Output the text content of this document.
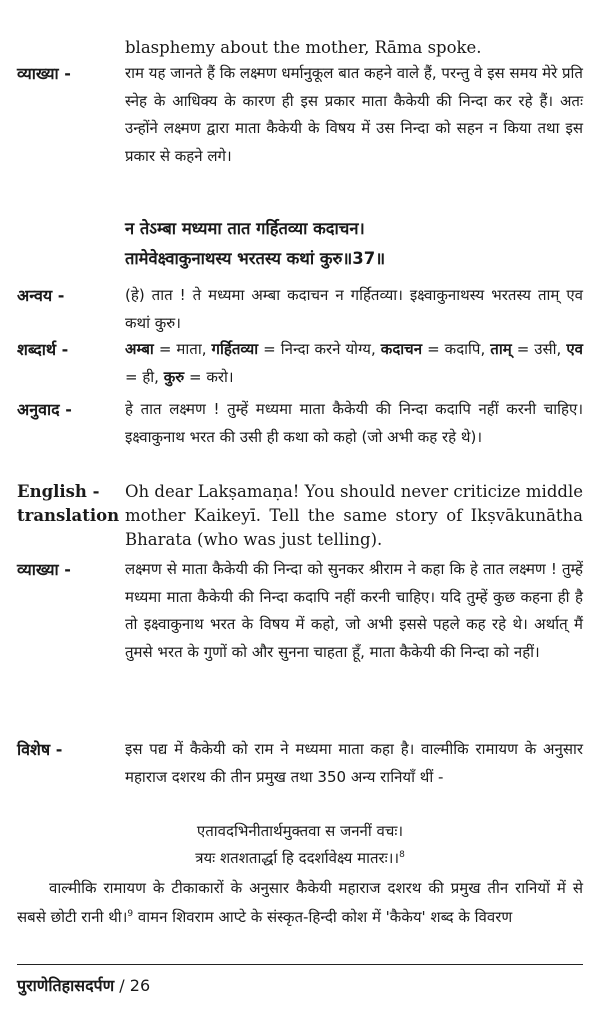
blasphemy about the mother, Rāma spoke.
व्याख्या -	राम यह जानते हैं कि लक्ष्मण धर्मानुकूल बात कहने वाले हैं, परन्तु वे इस समय मेरे प्रति स्नेह के आधिक्य के कारण ही इस प्रकार माता कैकेयी की निन्दा कर रहे हैं। अतः उन्होंने लक्ष्मण द्वारा माता कैकेयी के विषय में उस निन्दा को सहन न किया तथा इस प्रकार से कहने लगे।
न तेऽम्बा मध्यमा तात गर्हितव्या कदाचन।
तामेवेक्ष्वाकुनाथस्य भरतस्य कथां कुरु॥37॥
अन्वय -	(हे) तात ! ते मध्यमा अम्बा कदाचन न गर्हितव्या। इक्ष्वाकुनाथस्य भरतस्य ताम् एव कथां कुरु।
शब्दार्थ -	अम्बा = माता, गर्हितव्या = निन्दा करने योग्य, कदाचन = कदापि, ताम् = उसी, एव = ही, कुरु = करो।
अनुवाद -	हे तात लक्ष्मण ! तुम्हें मध्यमा माता कैकेयी की निन्दा कदापि नहीं करनी चाहिए। इक्ष्वाकुनाथ भरत की उसी ही कथा को कहो (जो अभी कह रहे थे)।
English -
translation
Oh dear Lakṣamaṇa! You should never criticize middle mother Kaikeyī. Tell the same story of Ikṣvākunātha Bharata (who was just telling).
व्याख्या -	लक्ष्मण से माता कैकेयी की निन्दा को सुनकर श्रीराम ने कहा कि हे तात लक्ष्मण ! तुम्हें मध्यमा माता कैकेयी की निन्दा कदापि नहीं करनी चाहिए। यदि तुम्हें कुछ कहना ही है तो इक्ष्वाकुनाथ भरत के विषय में कहो, जो अभी इससे पहले कह रहे थे। अर्थात् मैं तुमसे भरत के गुणों को और सुनना चाहता हूँ, माता कैकेयी की निन्दा को नहीं।
विशेष -	इस पद्य में कैकेयी को राम ने मध्यमा माता कहा है। वाल्मीकि रामायण के अनुसार महाराज दशरथ की तीन प्रमुख तथा 350 अन्य रानियाँ थीं -
एतावदभिनीतार्थमुक्तवा स जननीं वचः।
त्रयः शतशतार्द्धा हि ददर्शावेक्ष्य मातरः।।$^8$
वाल्मीकि रामायण के टीकाकारों के अनुसार कैकेयी महाराज दशरथ की प्रमुख तीन रानियों में से सबसे छोटी रानी थी।$^9$ वामन शिवराम आप्टे के संस्कृत-हिन्दी कोश में 'कैकेय' शब्द के विवरण
पुराणेतिहासदर्पण / 26
